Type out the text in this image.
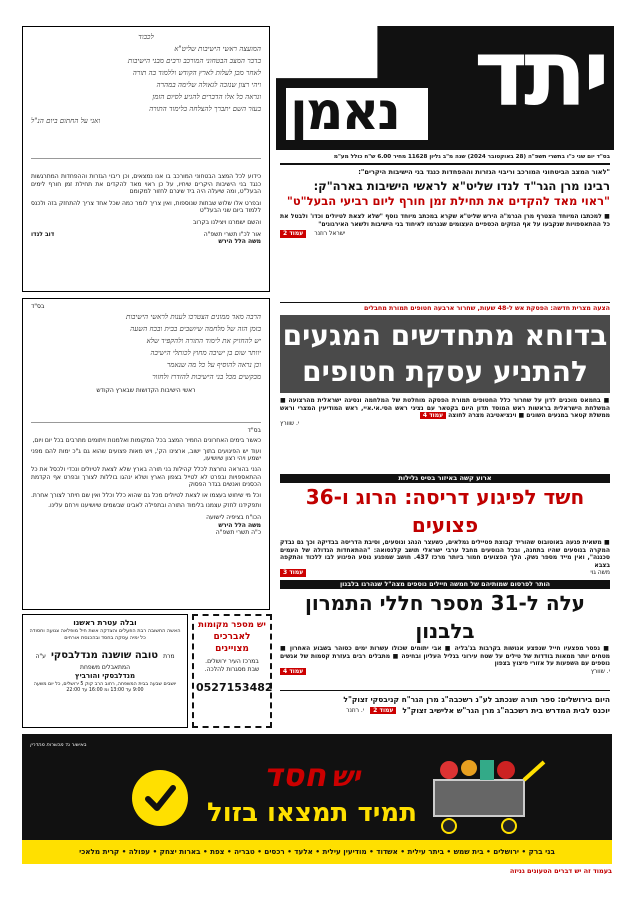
יתד
נאמן
בס"ד יום שני כ"ו בתשרי תשפ"ה (28 באוקטובר 2024) שנה מ"ב גליון 11628 מחיר 6.00 ש"ח כולל מע"מ
לכבוד
המועצה ראשי הישיבות שליט"א
בדבר המצב הבטחוני המורכב ורבים מבני הישיבות
לאחר מכן לעלות לארץ הקודש וללמוד בה תורה
ויהי רצון שנזכה לגאולה שלימה במהרה
ונראה כל אלו הדברים להגיע לסיום הזמן
בעזר השם יתברך להצלחה בלימוד התורה
ואני על החתום ביום הנ"ל
כידוע לכל המצב הבטחוני המורכב בו אנו נמצאים, וכן ריבוי הגזרות וההפחדות המתרגשות כנגד בני הישיבות היקרים שיחיו, על כן ראוי מאד להקדים את תחילת זמן חורף לימים הבעל"ט, ומה שיעלה היה ביד שיגרם לחזור למקומם
ובפרט אלו שלוש שבתות שנוספות, ואין צריך לומר כמה שכל אחד צריך להתחזק בזה ולכנס ללמוד ביום שני הבעל"ט
והשם ישמרנו ויצילנו בקרוב
אור לכ"ו תשרי תשפ"ה
דוב לנדו
משה הלל הירש
בס"ד
הרבה מאד ממונים הצטרכו לענות לראשי הישיבות
בזמן הזה של מלחמה שיושבים בבית ובכח השעה
יש להחזיק את לימוד התורה ולהקפיד שלא
יוותר שום בן ישיבה מחוץ לכותלי הישיבה
וכן נראה להוסיף על כל מה שנאמר
מבקשים מכל בני הישיבות להזדרז ולחזור
ראשי הישיבות הקדושות שבארץ הקודש
בס"ד
כאשר בימים האחרונים החמיר המצב בכל המקומות ואלמנות ויתומים מתרבים בכל יום ויום,
ועוד יש הפיגועים בתוך ישוב, ארצינו הק', ויש מאות פצועים שהוא גם ג"כ ימות להם מפני ישמע ויהי רצון שיושיעו,
הנני בהוראה נחרצת לכלל קהילות בני תורה בארץ שלא לצאת לטיולים ונכדי ולכסל את כל ההתאספויות ובפרט לא לטייל בצפון הארץ ושלא ינהגו בוללות לצורך ובפרט אף הקדמת הכסנים ואנשים בגדר הפסוק
וכל מי שיחוש בעצמו או לצאת לטיולים מכל גם שהוא כלל וכלל ואין שם חיתר לצורך אחרת.
ותפקידנו לחזק עצמנו בלימוד התורה ובתפילה לאבינו שבשמים שיושיענו וירחם עלינו.
הכו"ח בציפיה לישועה
משה הלל הירש
כ"ה תשרי תשפ"ה
"לאור המצב הביטחוני המורכב וריבוי הגזרות וההפחדות כנגד בני הישיבות היקרים":
רבינו מרן הגר"ד לנדו שליט"א לראשי הישיבות בארה"ק:
"ראוי מאד להקדים את תחילת זמן חורף ליום רביעי הבעל"ט"
■ למכתבו המיוחד הצטרף מרן הגרמ"ה הירש שליט"א שקרא במכתב מיוחד נוסף "שלא לצאת לטיולים וכדו' ולבטל את כל ההתאספויות שנקבעו על אף הנזקים הכספיים העצומים שנגרמו לאיחוד בני הישיבות ולשאר האירגונים"
ישראל רוזנר
עמוד 2
הצעה מצרית חדשה: הפסקת אש ל-48 שעות, שחרור ארבעה חטופים תמורת מחבלים
בדוחא מתחדשים המגעים
להתניע עסקת חטופים
■ בחמאס מוכנים לדון על שחרור כלל החטופים תמורת הפסקה מוחלטת של המלחמה ונסיגה ישראלית מהרצועה ■ המשלחת הישראלית בראשות ראש המוסד תדון היום בקטאר עם נציגי ראש הסי.אי.איי, ראש המודיעין המצרי וראש ממשלת קטאר במגעים השונים ■ וינציאטיבה מצרה לחוצה עמוד 4
י. שוורץ
ארוע קשה באיזור בסיס גלילות
חשד לפיגוע דריסה: הרוג ו-36 פצועים
■ משאית פגעה באוטובוס שהוריד קבוצת פטיילים גמלאים, כשעצר הנהג ונוסעים, וסיבת הדריסה בבדיקה וכך גם נבדק המקרה בנוסעים שהיו בתחנה, ובכל הנוסעים מחבל ערבי ישראלי תושב קלנסואה: "ההתאחדות הגדולה של העמים סכננה", ואין מייד מספר נשק. הלך הפצועים חמור ביותר מרכז 437. חושב שמפגע נוסע הפיגוע לבו ללכוד והתקפה בצבא
משה גוי
עמוד 3
הותר לפרסום שמותיהם של חמשה חיילים נוספים מצה"ל שנהרגו בלבנון
עלה ל-31 מספר חללי התמרון בלבנון
■ נפסר מפצעיו חייל שנפצע אנושות בקרבות בג'בליה ■ אבי יתומים שכולו עשרות ימים כסוהר בשבוע האחרון ■ מטחים יותר ממאות בודדות של טילים על שטח עירוני בגליל העליון ובחיפה ■ מתבלים רבים בעזרת קסמות של אנשים נוספים עם השפעות על אזורי פיצוץ בצפון
י. שוורץ
עמוד 4
היום בירושלים: ספר תורה שנכתב לע"נ רשכבה"ג מרן הגר"ח קניבסקי זצוק"ל
יוכנס לבית המדרש בית רשכבה"ג מרן הגר"ש אלישיב זצוק"ל
עמוד 2
י. רוזנר
יש מספר מקומות
לאברכים מצויינים
במרכז העיר ירושלים.
שבת מסגרות להלכה.
0527153482
ובלה עטרת ראשנו
האשה החשובה רבת הפעלים והצדקה אשת חיל מופלאה צנועה וחסודה כל ימיה עסקה בחסד ובהכנסת אורחים
מרת טובה שושנה מנדלבסקי ע"ה
המתאבלים משפחת
מנדלבסקי והורביץ
יושבים שבעה בבית המשפחה, רחוב הרב קוק 5 ירושלים, כל יום משעה 9:00 עד 13:00 ומ 16:00 עד 22:00
באישור גד מכשרות מהדרין
יש חסד
תמיד תמצאו בזול
בני ברק • ירושלים • בית שמש • ביתר עילית • אשדוד • מודיעין עילית • אלעד • רכסים • טבריה • צפת • בארות יצחק • עפולה • קרית מלאכי
בעמוד זה יש דברים הטעונים גניזה
